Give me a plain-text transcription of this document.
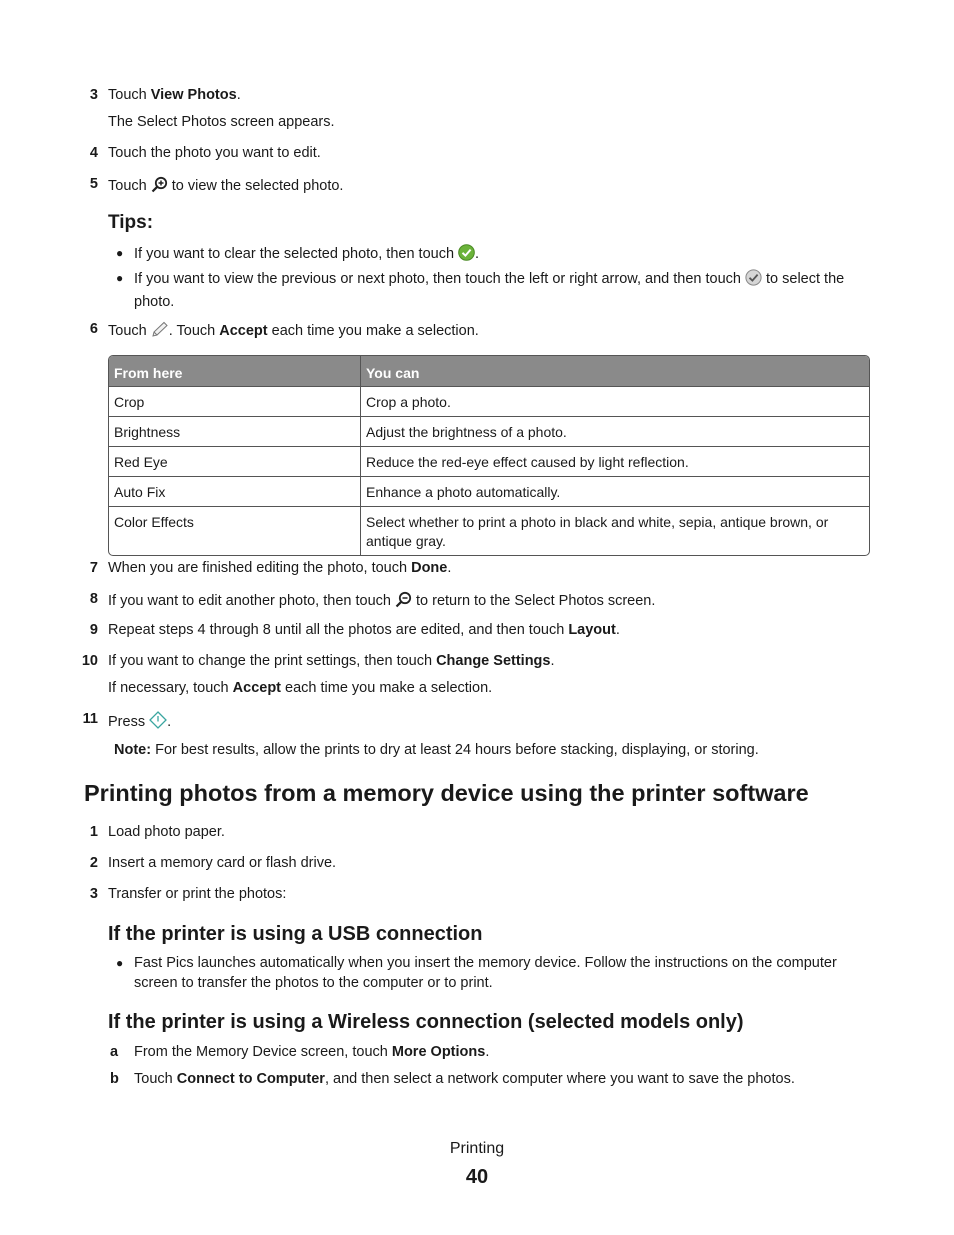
3 Touch View Photos.
The Select Photos screen appears.
4 Touch the photo you want to edit.
5 Touch  to view the selected photo.
Tips:
● If you want to clear the selected photo, then touch .
● If you want to view the previous or next photo, then touch the left or right arrow, and then touch  to select the photo.
6 Touch . Touch Accept each time you make a selection.
From here	You can
Crop	Crop a photo.
Brightness	Adjust the brightness of a photo.
Red Eye	Reduce the red-eye effect caused by light reflection.
Auto Fix	Enhance a photo automatically.
Color Effects	Select whether to print a photo in black and white, sepia, antique brown, or antique gray.
7 When you are finished editing the photo, touch Done.
8 If you want to edit another photo, then touch  to return to the Select Photos screen.
9 Repeat steps 4 through 8 until all the photos are edited, and then touch Layout.
10 If you want to change the print settings, then touch Change Settings.
If necessary, touch Accept each time you make a selection.
11 Press .
Note: For best results, allow the prints to dry at least 24 hours before stacking, displaying, or storing.
Printing photos from a memory device using the printer software
1 Load photo paper.
2 Insert a memory card or flash drive.
3 Transfer or print the photos:
If the printer is using a USB connection
● Fast Pics launches automatically when you insert the memory device. Follow the instructions on the computer screen to transfer the photos to the computer or to print.
If the printer is using a Wireless connection (selected models only)
a From the Memory Device screen, touch More Options.
b Touch Connect to Computer, and then select a network computer where you want to save the photos.
Printing
40
